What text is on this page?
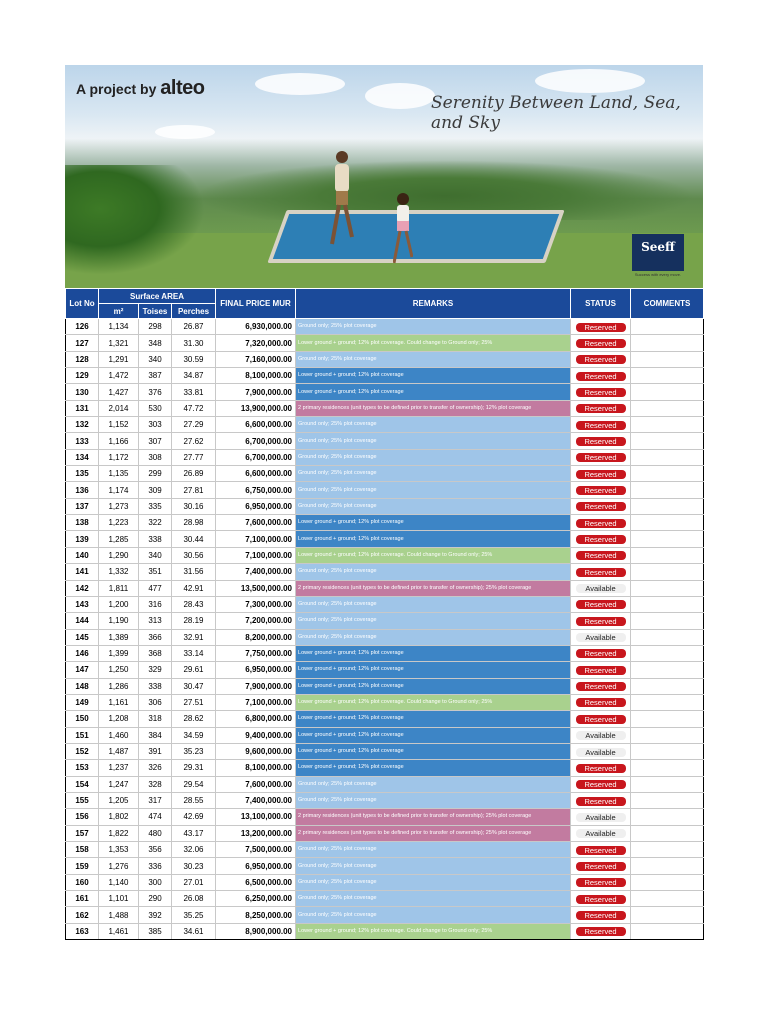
A project by alteo
Serenity Between Land, Sea, and Sky
Seeff
Success with every move.
Lot No	Surface AREA			FINAL PRICE MUR	REMARKS	STATUS	COMMENTS
	m²	Toises	Perches				
126	1,134	298	26.87	6,930,000.00	Ground only; 25% plot coverage	Reserved	
127	1,321	348	31.30	7,320,000.00	Lower ground + ground; 12% plot coverage. Could change to Ground only; 25%	Reserved	
128	1,291	340	30.59	7,160,000.00	Ground only; 25% plot coverage	Reserved	
129	1,472	387	34.87	8,100,000.00	Lower ground + ground; 12% plot coverage	Reserved	
130	1,427	376	33.81	7,900,000.00	Lower ground + ground; 12% plot coverage	Reserved	
131	2,014	530	47.72	13,900,000.00	2 primary residences (unit types to be defined prior to transfer of ownership); 12% plot coverage	Reserved	
132	1,152	303	27.29	6,600,000.00	Ground only; 25% plot coverage	Reserved	
133	1,166	307	27.62	6,700,000.00	Ground only; 25% plot coverage	Reserved	
134	1,172	308	27.77	6,700,000.00	Ground only; 25% plot coverage	Reserved	
135	1,135	299	26.89	6,600,000.00	Ground only; 25% plot coverage	Reserved	
136	1,174	309	27.81	6,750,000.00	Ground only; 25% plot coverage	Reserved	
137	1,273	335	30.16	6,950,000.00	Ground only; 25% plot coverage	Reserved	
138	1,223	322	28.98	7,600,000.00	Lower ground + ground; 12% plot coverage	Reserved	
139	1,285	338	30.44	7,100,000.00	Lower ground + ground; 12% plot coverage	Reserved	
140	1,290	340	30.56	7,100,000.00	Lower ground + ground; 12% plot coverage. Could change to Ground only; 25%	Reserved	
141	1,332	351	31.56	7,400,000.00	Ground only; 25% plot coverage	Reserved	
142	1,811	477	42.91	13,500,000.00	2 primary residences (unit types to be defined prior to transfer of ownership); 25% plot coverage	Available	
143	1,200	316	28.43	7,300,000.00	Ground only; 25% plot coverage	Reserved	
144	1,190	313	28.19	7,200,000.00	Ground only; 25% plot coverage	Reserved	
145	1,389	366	32.91	8,200,000.00	Ground only; 25% plot coverage	Available	
146	1,399	368	33.14	7,750,000.00	Lower ground + ground; 12% plot coverage	Reserved	
147	1,250	329	29.61	6,950,000.00	Lower ground + ground; 12% plot coverage	Reserved	
148	1,286	338	30.47	7,900,000.00	Lower ground + ground; 12% plot coverage	Reserved	
149	1,161	306	27.51	7,100,000.00	Lower ground + ground; 12% plot coverage. Could change to Ground only; 25%	Reserved	
150	1,208	318	28.62	6,800,000.00	Lower ground + ground; 12% plot coverage	Reserved	
151	1,460	384	34.59	9,400,000.00	Lower ground + ground; 12% plot coverage	Available	
152	1,487	391	35.23	9,600,000.00	Lower ground + ground; 12% plot coverage	Available	
153	1,237	326	29.31	8,100,000.00	Lower ground + ground; 12% plot coverage	Reserved	
154	1,247	328	29.54	7,600,000.00	Ground only; 25% plot coverage	Reserved	
155	1,205	317	28.55	7,400,000.00	Ground only; 25% plot coverage	Reserved	
156	1,802	474	42.69	13,100,000.00	2 primary residences (unit types to be defined prior to transfer of ownership); 25% plot coverage	Available	
157	1,822	480	43.17	13,200,000.00	2 primary residences (unit types to be defined prior to transfer of ownership); 25% plot coverage	Available	
158	1,353	356	32.06	7,500,000.00	Ground only; 25% plot coverage	Reserved	
159	1,276	336	30.23	6,950,000.00	Ground only; 25% plot coverage	Reserved	
160	1,140	300	27.01	6,500,000.00	Ground only; 25% plot coverage	Reserved	
161	1,101	290	26.08	6,250,000.00	Ground only; 25% plot coverage	Reserved	
162	1,488	392	35.25	8,250,000.00	Ground only; 25% plot coverage	Reserved	
163	1,461	385	34.61	8,900,000.00	Lower ground + ground; 12% plot coverage. Could change to Ground only; 25%	Reserved	
